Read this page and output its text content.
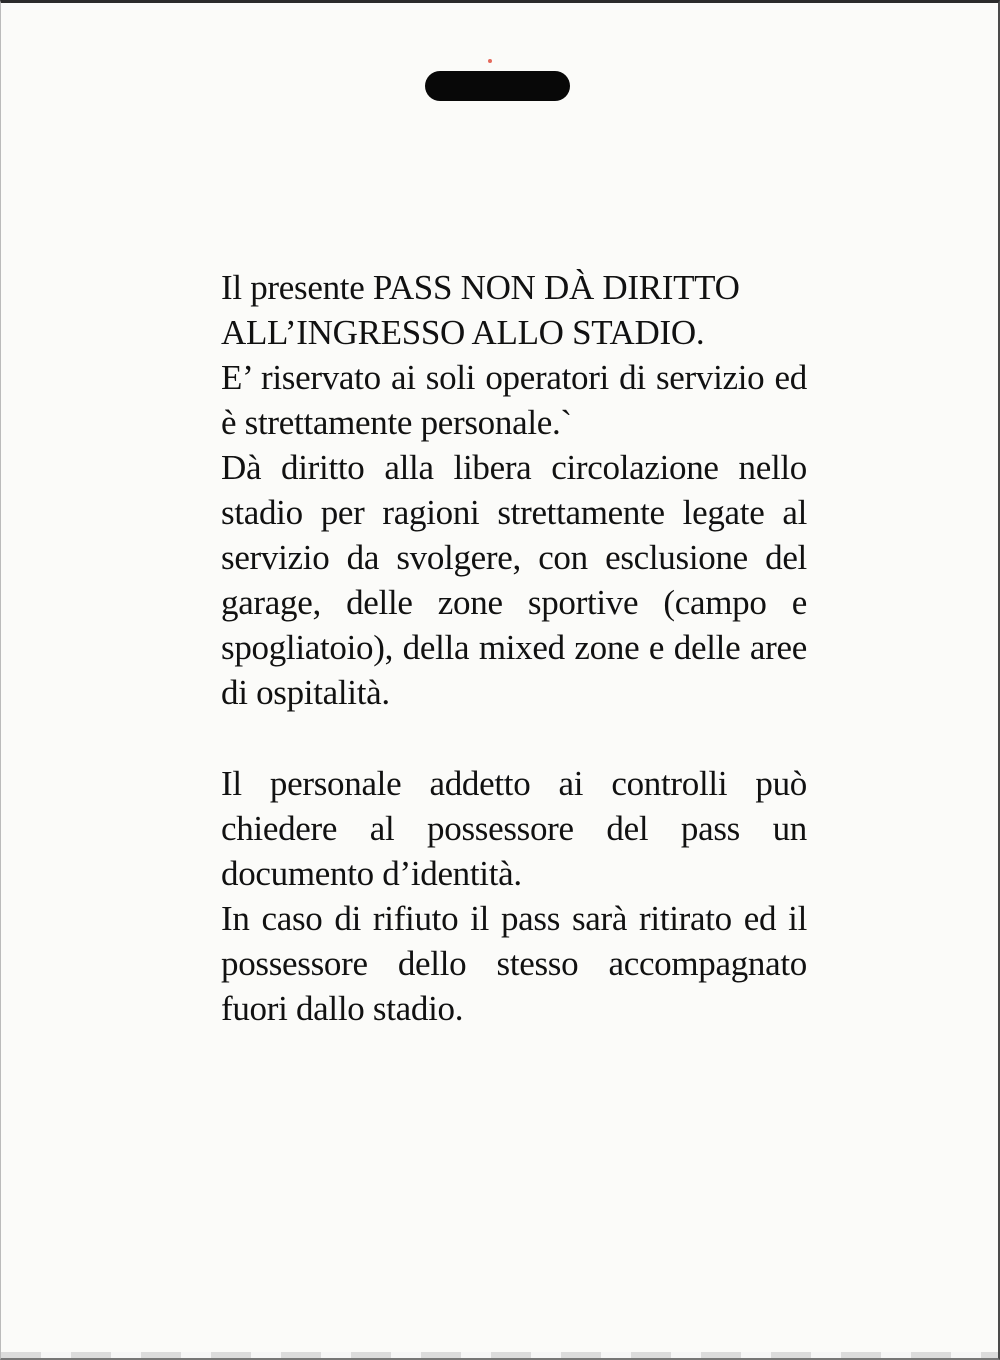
Il presente PASS NON DÀ DIRITTO ALL’INGRESSO ALLO STADIO.

E’ riservato ai soli operatori di servizio ed è strettamente personale.`

Dà diritto alla libera circolazione nello stadio per ragioni strettamente legate al servizio da svolgere, con esclusione del garage, delle zone sportive (campo e spogliatoio), della mixed zone e delle aree di ospitalità.

Il personale addetto ai controlli può chiedere al possessore del pass un documento d’identità.

In caso di rifiuto il pass sarà ritirato ed il possessore dello stesso accompagnato fuori dallo stadio.
